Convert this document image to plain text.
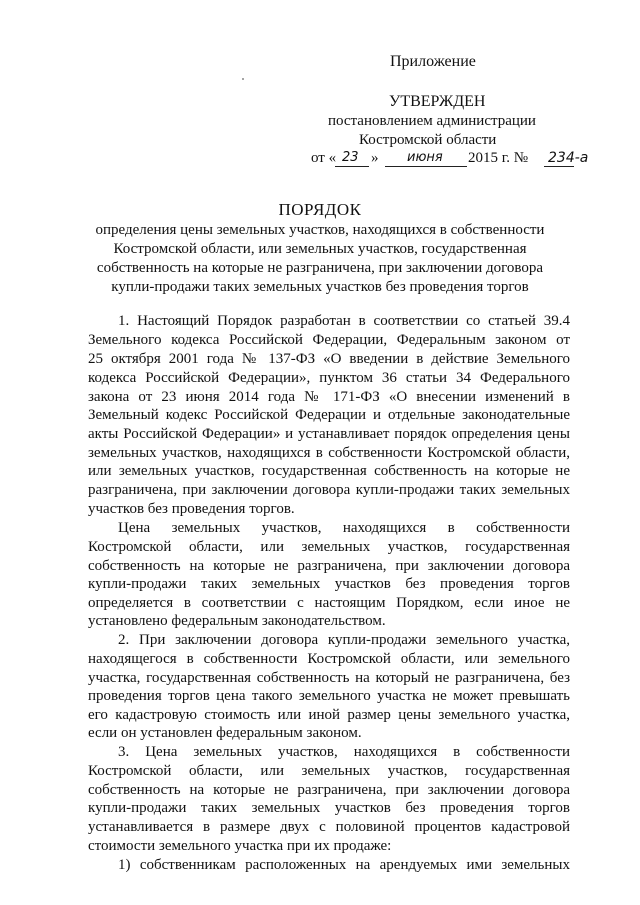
Приложение
УТВЕРЖДЕН
постановлением администрации
Костромской области
от « 23 » июня 2015 г. № 234-а
ПОРЯДОК
определения цены земельных участков, находящихся в собственности
Костромской области, или земельных участков, государственная
собственность на которые не разграничена, при заключении договора
купли-продажи таких земельных участков без проведения торгов
1. Настоящий Порядок разработан в соответствии со статьей 39.4
Земельного кодекса Российской Федерации, Федеральным законом от
25 октября 2001 года № 137-ФЗ «О введении в действие Земельного
кодекса Российской Федерации», пунктом 36 статьи 34 Федерального
закона от 23 июня 2014 года № 171-ФЗ «О внесении изменений в
Земельный кодекс Российской Федерации и отдельные законодательные
акты Российской Федерации» и устанавливает порядок определения цены
земельных участков, находящихся в собственности Костромской области,
или земельных участков, государственная собственность на которые не
разграничена, при заключении договора купли-продажи таких земельных
участков без проведения торгов.
Цена земельных участков, находящихся в собственности
Костромской области, или земельных участков, государственная
собственность на которые не разграничена, при заключении договора
купли-продажи таких земельных участков без проведения торгов
определяется в соответствии с настоящим Порядком, если иное не
установлено федеральным законодательством.
2. При заключении договора купли-продажи земельного участка,
находящегося в собственности Костромской области, или земельного
участка, государственная собственность на который не разграничена, без
проведения торгов цена такого земельного участка не может превышать
его кадастровую стоимость или иной размер цены земельного участка,
если он установлен федеральным законом.
3. Цена земельных участков, находящихся в собственности
Костромской области, или земельных участков, государственная
собственность на которые не разграничена, при заключении договора
купли-продажи таких земельных участков без проведения торгов
устанавливается в размере двух с половиной процентов кадастровой
стоимости земельного участка при их продаже:
1) собственникам расположенных на арендуемых ими земельных
